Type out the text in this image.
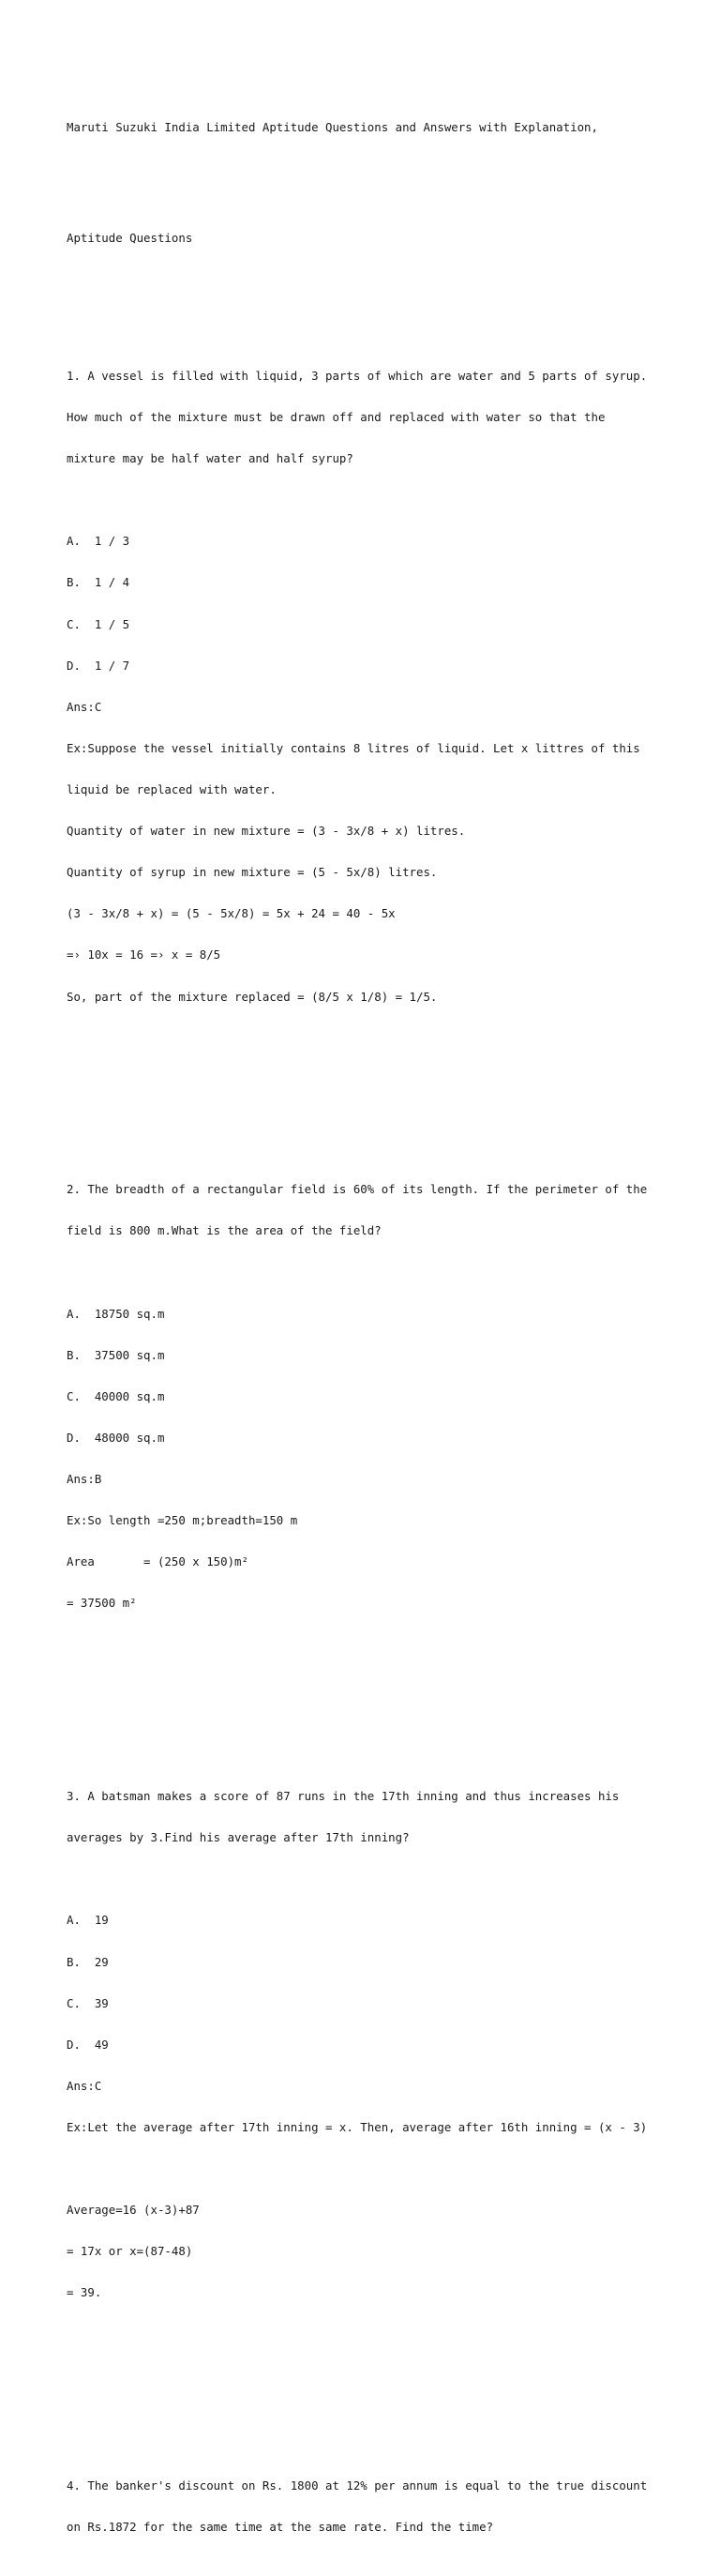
Maruti Suzuki India Limited Aptitude Questions and Answers with Explanation,

Aptitude Questions

1. A vessel is filled with liquid, 3 parts of which are water and 5 parts of syrup.

How much of the mixture must be drawn off and replaced with water so that the

mixture may be half water and half syrup?

A.  1 / 3

B.  1 / 4

C.  1 / 5

D.  1 / 7

Ans:C

Ex:Suppose the vessel initially contains 8 litres of liquid. Let x littres of this

liquid be replaced with water.

Quantity of water in new mixture = (3 - 3x/8 + x) litres.

Quantity of syrup in new mixture = (5 - 5x/8) litres.

(3 - 3x/8 + x) = (5 - 5x/8) = 5x + 24 = 40 - 5x

=› 10x = 16 =› x = 8/5

So, part of the mixture replaced = (8/5 x 1/8) = 1/5.

2. The breadth of a rectangular field is 60% of its length. If the perimeter of the

field is 800 m.What is the area of the field?

A.  18750 sq.m

B.  37500 sq.m

C.  40000 sq.m

D.  48000 sq.m

Ans:B

Ex:So length =250 m;breadth=150 m

Area       = (250 x 150)m²

= 37500 m²

3. A batsman makes a score of 87 runs in the 17th inning and thus increases his

averages by 3.Find his average after 17th inning?

A.  19

B.  29

C.  39

D.  49

Ans:C

Ex:Let the average after 17th inning = x. Then, average after 16th inning = (x - 3)

Average=16 (x-3)+87

= 17x or x=(87-48)

= 39.

4. The banker's discount on Rs. 1800 at 12% per annum is equal to the true discount

on Rs.1872 for the same time at the same rate. Find the time?
